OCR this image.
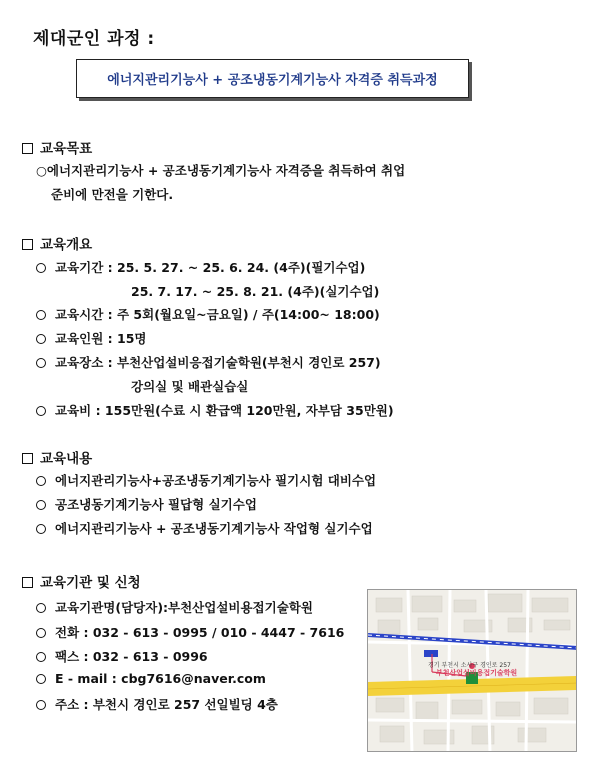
제대군인 과정 :
에너지관리기능사 + 공조냉동기계기능사 자격증 취득과정
교육목표
○에너지관리기능사 + 공조냉동기계기능사 자격증을 취득하여 취업
준비에 만전을 기한다.
교육개요
교육기간 : 25. 5. 27. ~ 25. 6. 24. (4주)(필기수업)
25. 7. 17. ~ 25. 8. 21. (4주)(실기수업)
교육시간 : 주 5회(월요일~금요일) / 주(14:00~ 18:00)
교육인원 : 15명
교육장소 : 부천산업설비응접기술학원(부천시 경인로 257)
강의실 및 배관실습실
교육비 : 155만원(수료 시 환급액 120만원, 자부담 35만원)
교육내용
에너지관리기능사+공조냉동기계기능사 필기시험 대비수업
공조냉동기계기능사 필답형 실기수업
에너지관리기능사 + 공조냉동기계기능사 작업형 실기수업
교육기관 및 신청
교육기관명(담당자):부천산업설비용접기술학원
전화 : 032 - 613 - 0995 / 010 - 4447 - 7616
팩스 : 032 - 613 - 0996
E - mail : cbg7616@naver.com
주소 : 부천시 경인로 257 선일빌딩 4층
경기 부천시 소사구 경인로 257
부천산업설비용접기술학원
